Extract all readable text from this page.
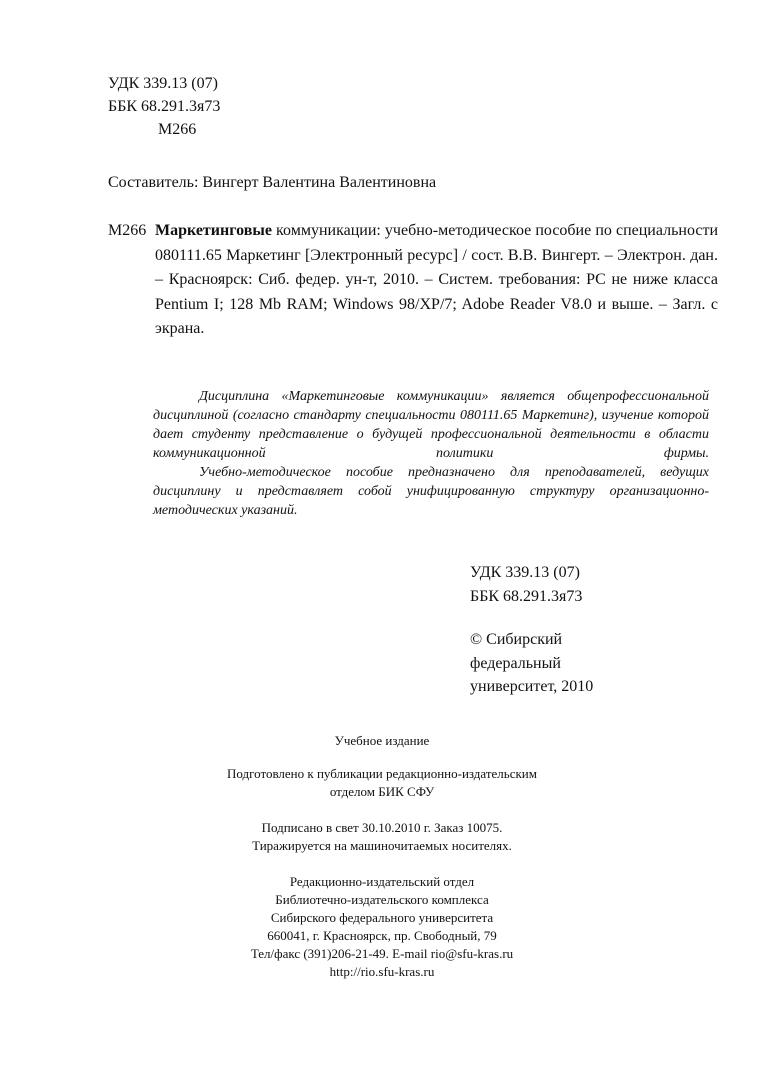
УДК 339.13 (07)
ББК 68.291.3я73
М266
Составитель: Вингерт Валентина Валентиновна
М266 Маркетинговые коммуникации: учебно-методическое пособие по специальности 080111.65 Маркетинг [Электронный ресурс] / сост. В.В. Вингерт. – Электрон. дан. – Красноярск: Сиб. федер. ун-т, 2010. – Систем. требования: PC не ниже класса Pentium I; 128 Mb RAM; Windows 98/XP/7; Adobe Reader V8.0 и выше. – Загл. с экрана.

Дисциплина «Маркетинговые коммуникации» является общепрофессиональной дисциплиной (согласно стандарту специальности 080111.65 Маркетинг), изучение которой дает студенту представление о будущей профессиональной деятельности в области коммуникационной политики фирмы.

Учебно-методическое пособие предназначено для преподавателей, ведущих дисциплину и представляет собой унифицированную структуру организационно-методических указаний.

УДК 339.13 (07)
ББК 68.291.3я73
© Сибирский
федеральный
университет, 2010
Учебное издание
Подготовлено к публикации редакционно-издательским
отделом БИК СФУ
Подписано в свет 30.10.2010 г. Заказ 10075.
Тиражируется на машиночитаемых носителях.
Редакционно-издательский отдел
Библиотечно-издательского комплекса
Сибирского федерального университета
660041, г. Красноярск, пр. Свободный, 79
Тел/факс (391)206-21-49. E-mail rio@sfu-kras.ru
http://rio.sfu-kras.ru
